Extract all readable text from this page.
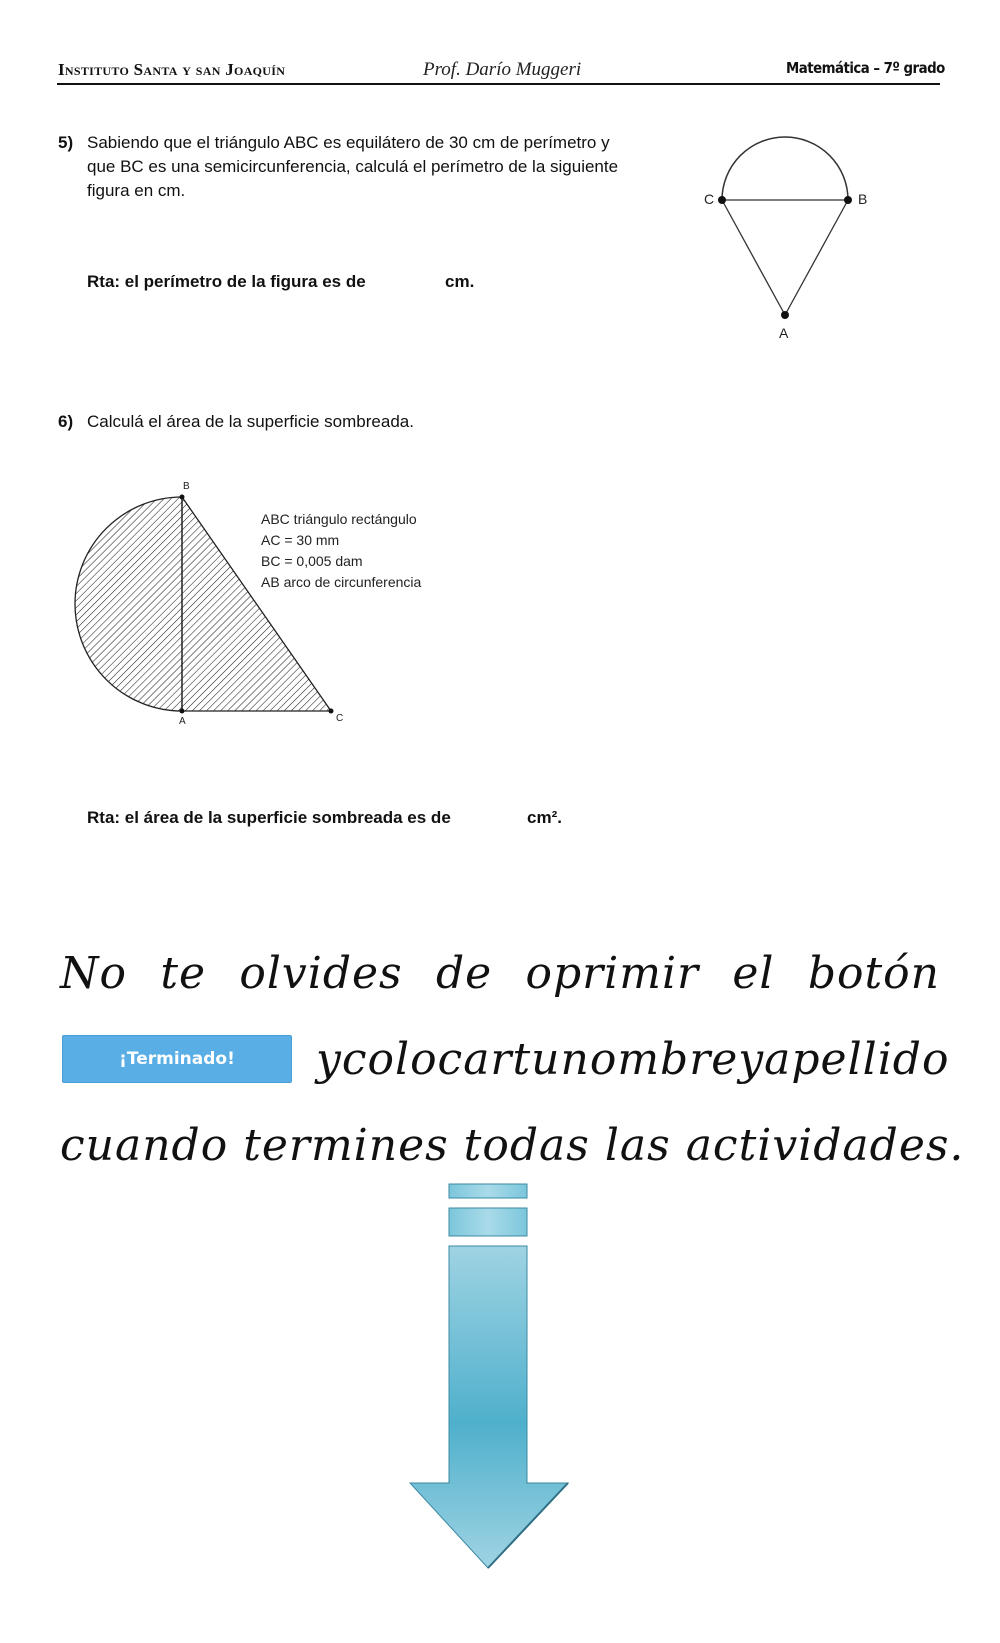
Instituto Santa y san Joaquín	Prof. Darío Muggeri	Matemática – 7º grado
5) Sabiendo que el triángulo ABC es equilátero de 30 cm de perímetro y
que BC es una semicircunferencia, calculá el perímetro de la siguiente
figura en cm.
Rta: el perímetro de la figura es de	cm.
C	B
A
6) Calculá el área de la superficie sombreada.
B
A	C
ABC triángulo rectángulo
AC = 30 mm
BC = 0,005 dam
AB arco de circunferencia
Rta: el área de la superficie sombreada es de	cm².
No te olvides de oprimir el botón
¡Terminado!	y colocar tu nombre y apellido
cuando termines todas las actividades.
